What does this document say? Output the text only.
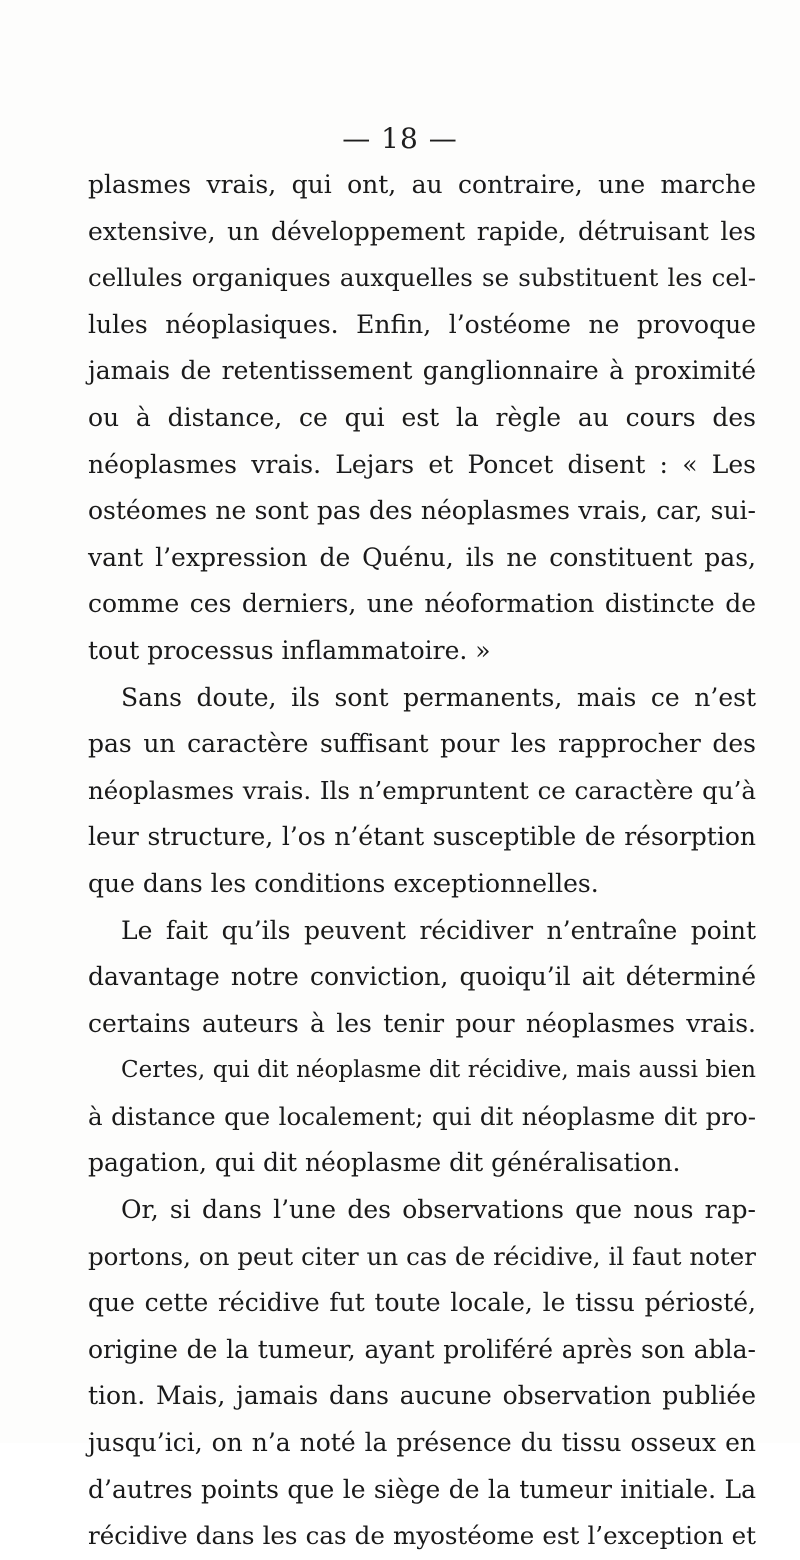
— 18 —
plasmes vrais, qui ont, au contraire, une marche
extensive, un développement rapide, détruisant les
cellules organiques auxquelles se substituent les cel-
lules néoplasiques. Enfin, l’ostéome ne provoque
jamais de retentissement ganglionnaire à proximité
ou à distance, ce qui est la règle au cours des
néoplasmes vrais. Lejars et Poncet disent : « Les
ostéomes ne sont pas des néoplasmes vrais, car, sui-
vant l’expression de Quénu, ils ne constituent pas,
comme ces derniers, une néoformation distincte de
tout processus inflammatoire. »
Sans doute, ils sont permanents, mais ce n’est
pas un caractère suffisant pour les rapprocher des
néoplasmes vrais. Ils n’empruntent ce caractère qu’à
leur structure, l’os n’étant susceptible de résorption
que dans les conditions exceptionnelles.
Le fait qu’ils peuvent récidiver n’entraîne point
davantage notre conviction, quoiqu’il ait déterminé
certains auteurs à les tenir pour néoplasmes vrais.
Certes, qui dit néoplasme dit récidive, mais aussi bien
à distance que localement; qui dit néoplasme dit pro-
pagation, qui dit néoplasme dit généralisation.
Or, si dans l’une des observations que nous rap-
portons, on peut citer un cas de récidive, il faut noter
que cette récidive fut toute locale, le tissu périosté,
origine de la tumeur, ayant proliféré après son abla-
tion. Mais, jamais dans aucune observation publiée
jusqu’ici, on n’a noté la présence du tissu osseux en
d’autres points que le siège de la tumeur initiale. La
récidive dans les cas de myostéome est l’exception et
